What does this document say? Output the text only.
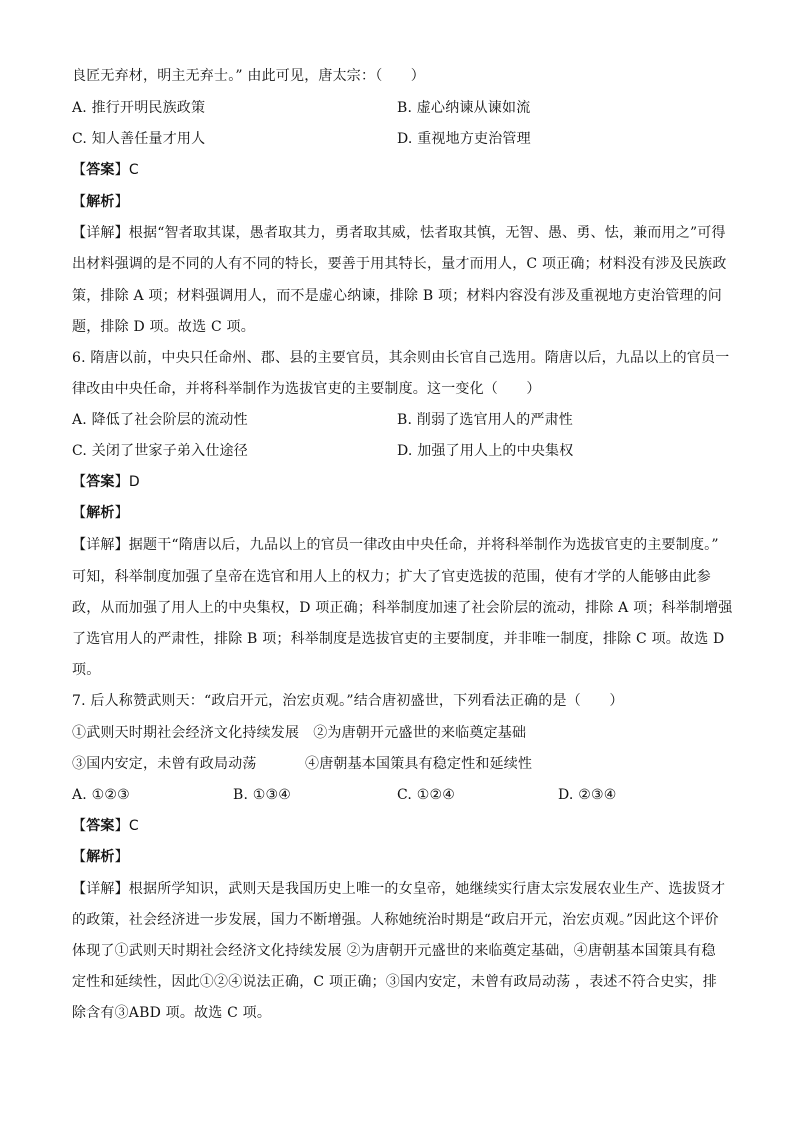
良匠无弃材，明主无弃士。” 由此可见，唐太宗：（　　）
A. 推行开明民族政策	B. 虚心纳谏从谏如流
C. 知人善任量才用人	D. 重视地方吏治管理
【答案】C
【解析】
【详解】根据“智者取其谋，愚者取其力，勇者取其威，怯者取其慎，无智、愚、勇、怯，兼而用之”可得
出材料强调的是不同的人有不同的特长，要善于用其特长，量才而用人，C 项正确；材料没有涉及民族政
策，排除 A 项；材料强调用人，而不是虚心纳谏，排除 B 项；材料内容没有涉及重视地方吏治管理的问
题，排除 D 项。故选 C 项。
6. 隋唐以前，中央只任命州、郡、县的主要官员，其余则由长官自己选用。隋唐以后，九品以上的官员一
律改由中央任命，并将科举制作为选拔官吏的主要制度。这一变化（　　）
A. 降低了社会阶层的流动性	B. 削弱了选官用人的严肃性
C. 关闭了世家子弟入仕途径	D. 加强了用人上的中央集权
【答案】D
【解析】
【详解】据题干“隋唐以后，九品以上的官员一律改由中央任命，并将科举制作为选拔官吏的主要制度。”
可知，科举制度加强了皇帝在选官和用人上的权力；扩大了官吏选拔的范围，使有才学的人能够由此参
政，从而加强了用人上的中央集权，D 项正确；科举制度加速了社会阶层的流动，排除 A 项；科举制增强
了选官用人的严肃性，排除 B 项；科举制度是选拔官吏的主要制度，并非唯一制度，排除 C 项。故选 D
项。
7. 后人称赞武则天：“政启开元，治宏贞观。”结合唐初盛世，下列看法正确的是（　　）
①武则天时期社会经济文化持续发展 ②为唐朝开元盛世的来临奠定基础
③国内安定，未曾有政局动荡	④唐朝基本国策具有稳定性和延续性
A. ①②③	B. ①③④	C. ①②④	D. ②③④
【答案】C
【解析】
【详解】根据所学知识，武则天是我国历史上唯一的女皇帝，她继续实行唐太宗发展农业生产、选拔贤才
的政策，社会经济进一步发展，国力不断增强。人称她统治时期是“政启开元，治宏贞观。”因此这个评价
体现了①武则天时期社会经济文化持续发展 ②为唐朝开元盛世的来临奠定基础，④唐朝基本国策具有稳
定性和延续性，因此①②④说法正确，C 项正确；③国内安定，未曾有政局动荡 ，表述不符合史实，排
除含有③ABD 项。故选 C 项。
